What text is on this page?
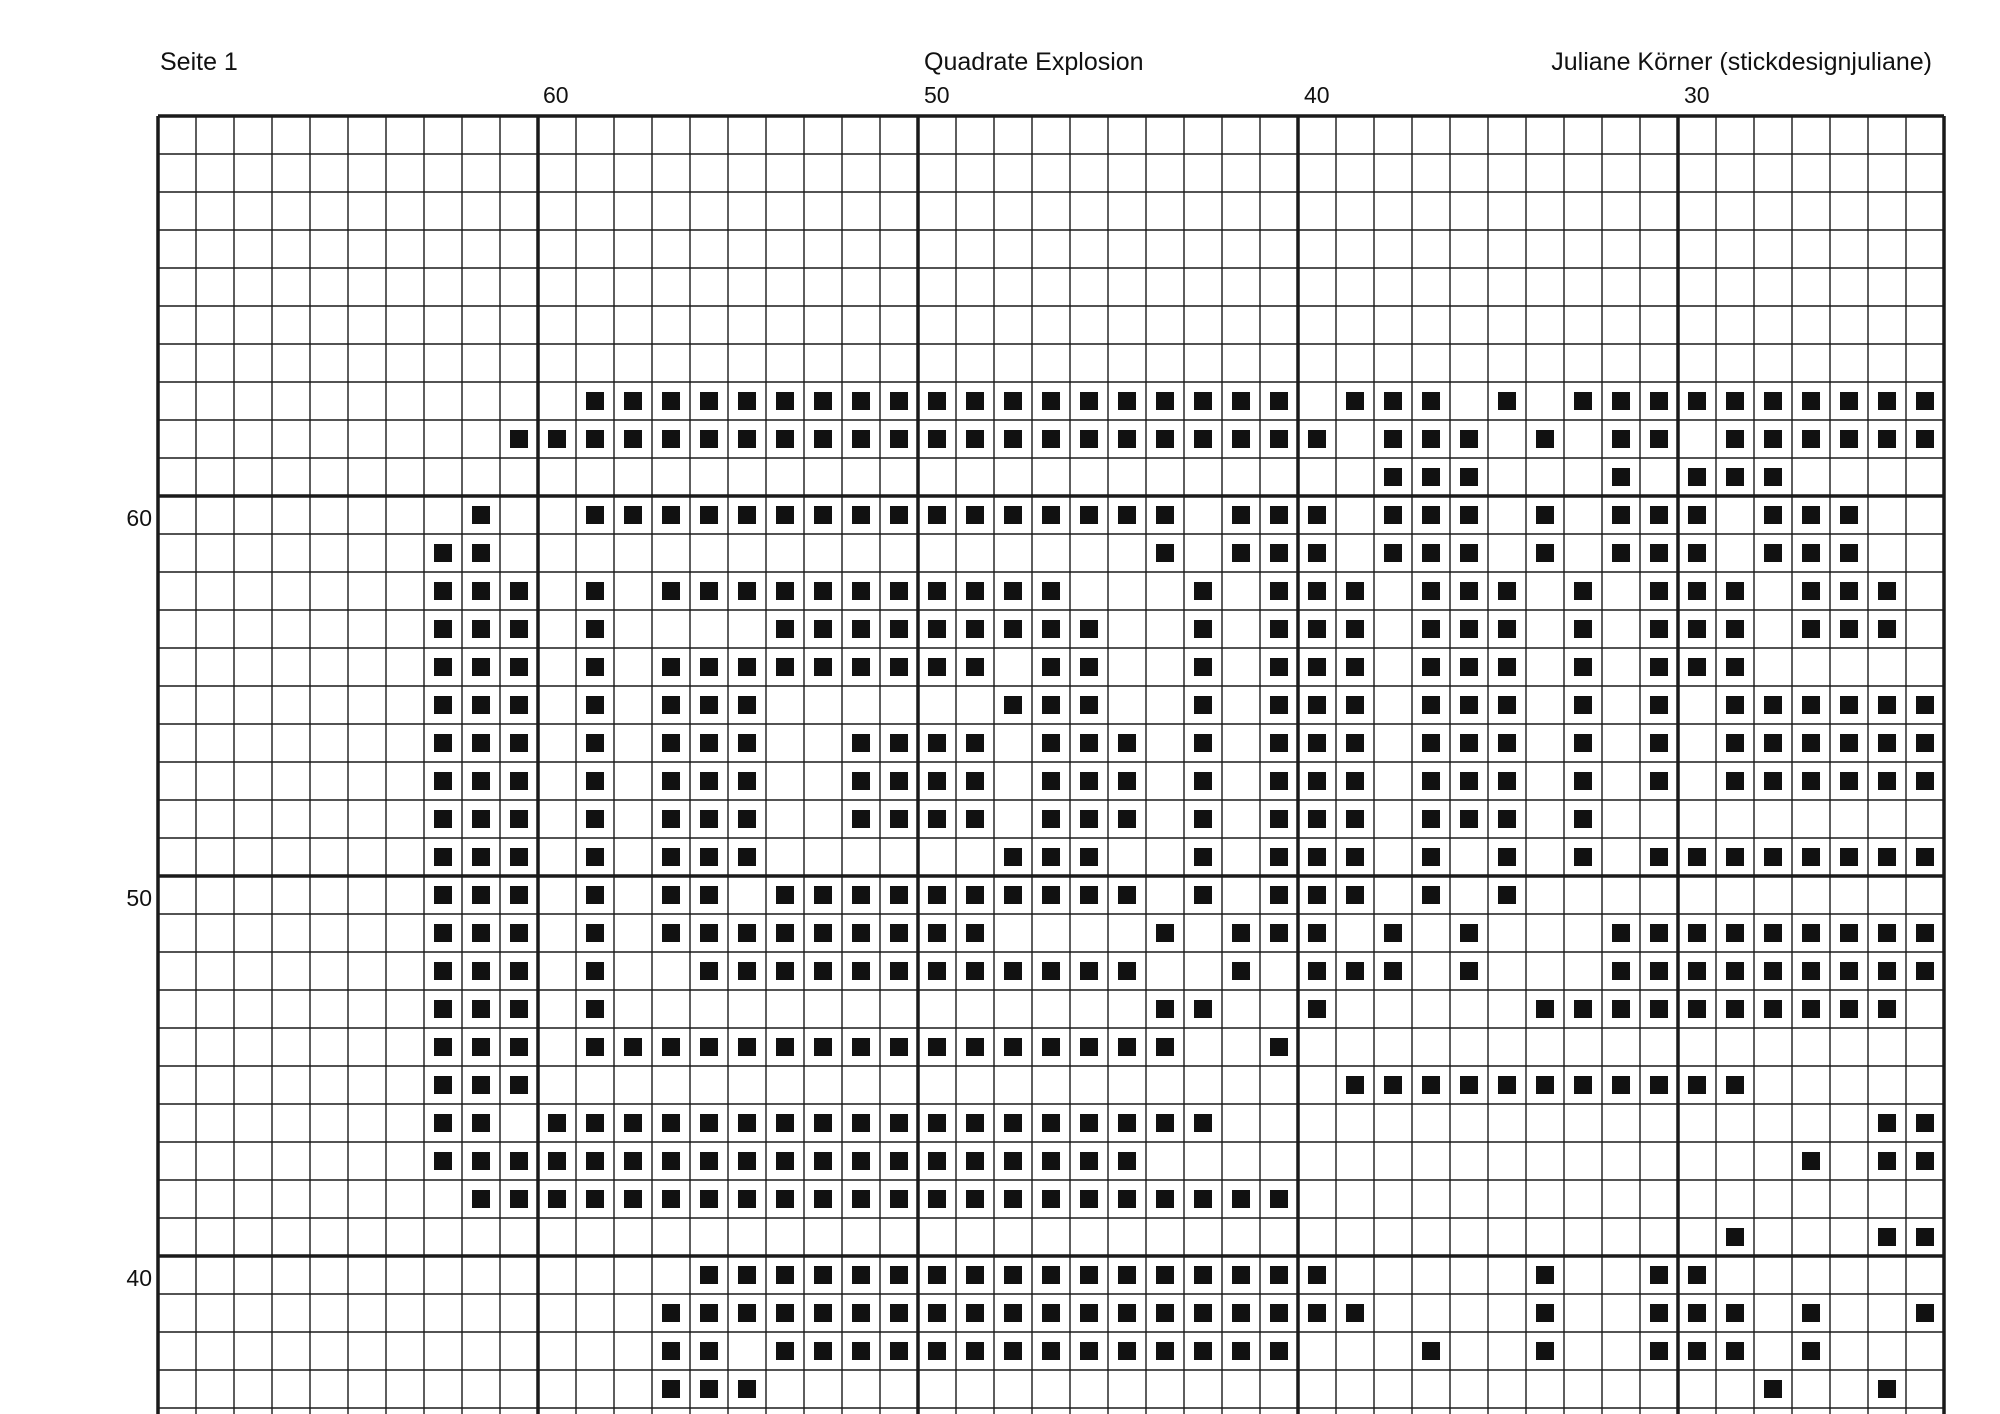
Seite 1	Quadrate Explosion	Juliane Körner (stickdesignjuliane)
60	50	40	30
60
50
40
